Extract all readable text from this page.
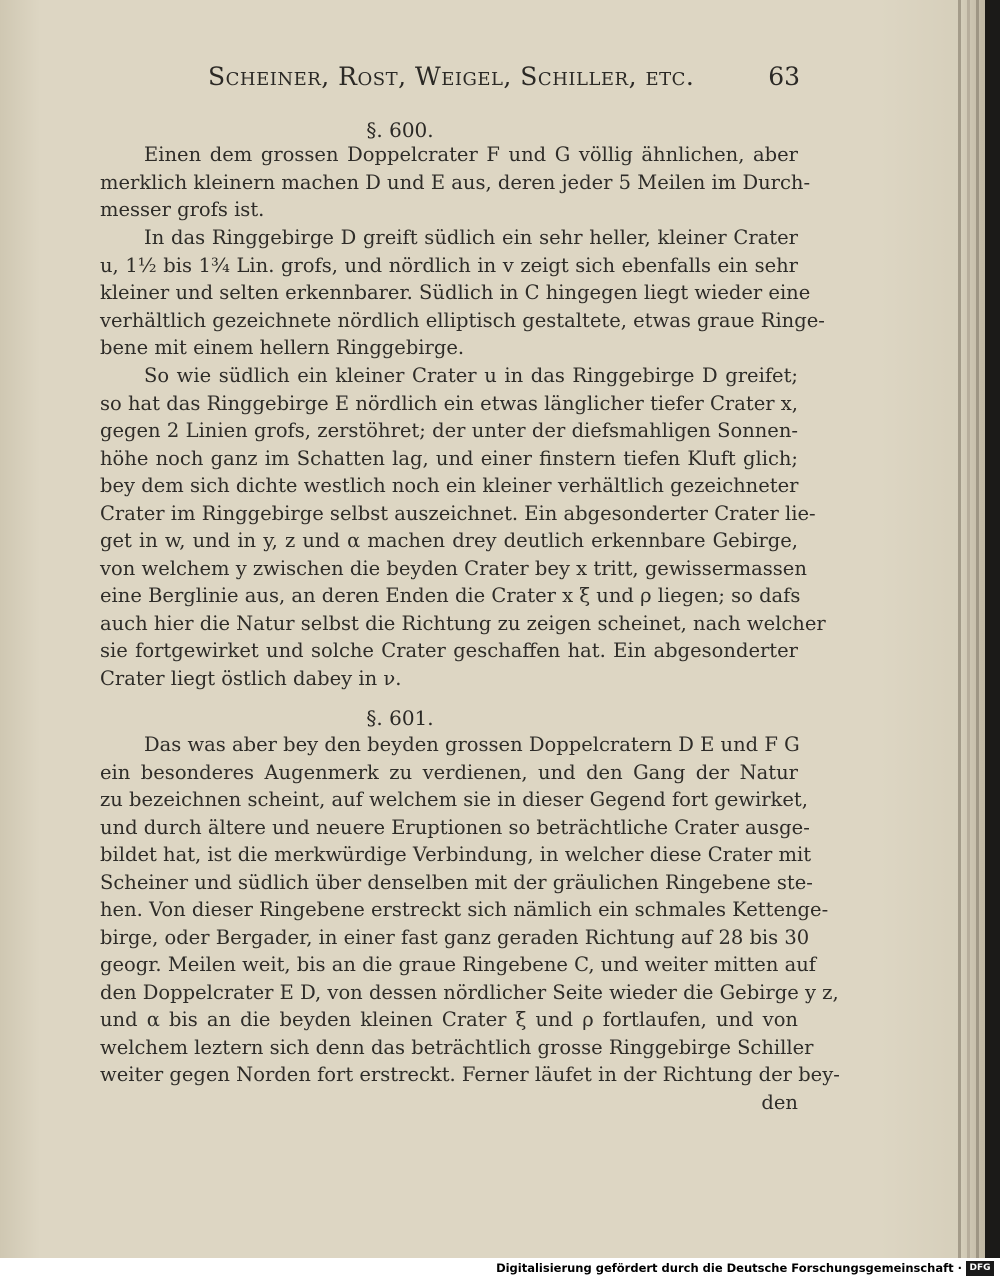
Scheiner, Rost, Weigel, Schiller, etc.	63
§. 600.
Einen dem grossen Doppelcrater F und G völlig ähnlichen, aber
merklich kleinern machen D und E aus, deren jeder 5 Meilen im Durch-
messer grofs ist.
In das Ringgebirge D greift südlich ein sehr heller, kleiner Crater
u, 1½ bis 1¾ Lin. grofs, und nördlich in v zeigt sich ebenfalls ein sehr
kleiner und selten erkennbarer. Südlich in C hingegen liegt wieder eine
verhältlich gezeichnete nördlich elliptisch gestaltete, etwas graue Ringe-
bene mit einem hellern Ringgebirge.
So wie südlich ein kleiner Crater u in das Ringgebirge D greifet;
so hat das Ringgebirge E nördlich ein etwas länglicher tiefer Crater x,
gegen 2 Linien grofs, zerstöhret; der unter der diefsmahligen Sonnen-
höhe noch ganz im Schatten lag, und einer finstern tiefen Kluft glich;
bey dem sich dichte westlich noch ein kleiner verhältlich gezeichneter
Crater im Ringgebirge selbst auszeichnet. Ein abgesonderter Crater lie-
get in w, und in y, z und α machen drey deutlich erkennbare Gebirge,
von welchem y zwischen die beyden Crater bey x tritt, gewissermassen
eine Berglinie aus, an deren Enden die Crater x ξ und ρ liegen; so dafs
auch hier die Natur selbst die Richtung zu zeigen scheinet, nach welcher
sie fortgewirket und solche Crater geschaffen hat. Ein abgesonderter
Crater liegt östlich dabey in ν.
§. 601.
Das was aber bey den beyden grossen Doppelcratern D E und F G
ein besonderes Augenmerk zu verdienen, und den Gang der Natur
zu bezeichnen scheint, auf welchem sie in dieser Gegend fort gewirket,
und durch ältere und neuere Eruptionen so beträchtliche Crater ausge-
bildet hat, ist die merkwürdige Verbindung, in welcher diese Crater mit
Scheiner und südlich über denselben mit der gräulichen Ringebene ste-
hen. Von dieser Ringebene erstreckt sich nämlich ein schmales Kettenge-
birge, oder Bergader, in einer fast ganz geraden Richtung auf 28 bis 30
geogr. Meilen weit, bis an die graue Ringebene C, und weiter mitten auf
den Doppelcrater E D, von dessen nördlicher Seite wieder die Gebirge y z,
und α bis an die beyden kleinen Crater ξ und ρ fortlaufen, und von
welchem leztern sich denn das beträchtlich grosse Ringgebirge Schiller
weiter gegen Norden fort erstreckt. Ferner läufet in der Richtung der bey-
den
Digitalisierung gefördert durch die Deutsche Forschungsgemeinschaft · DFG
